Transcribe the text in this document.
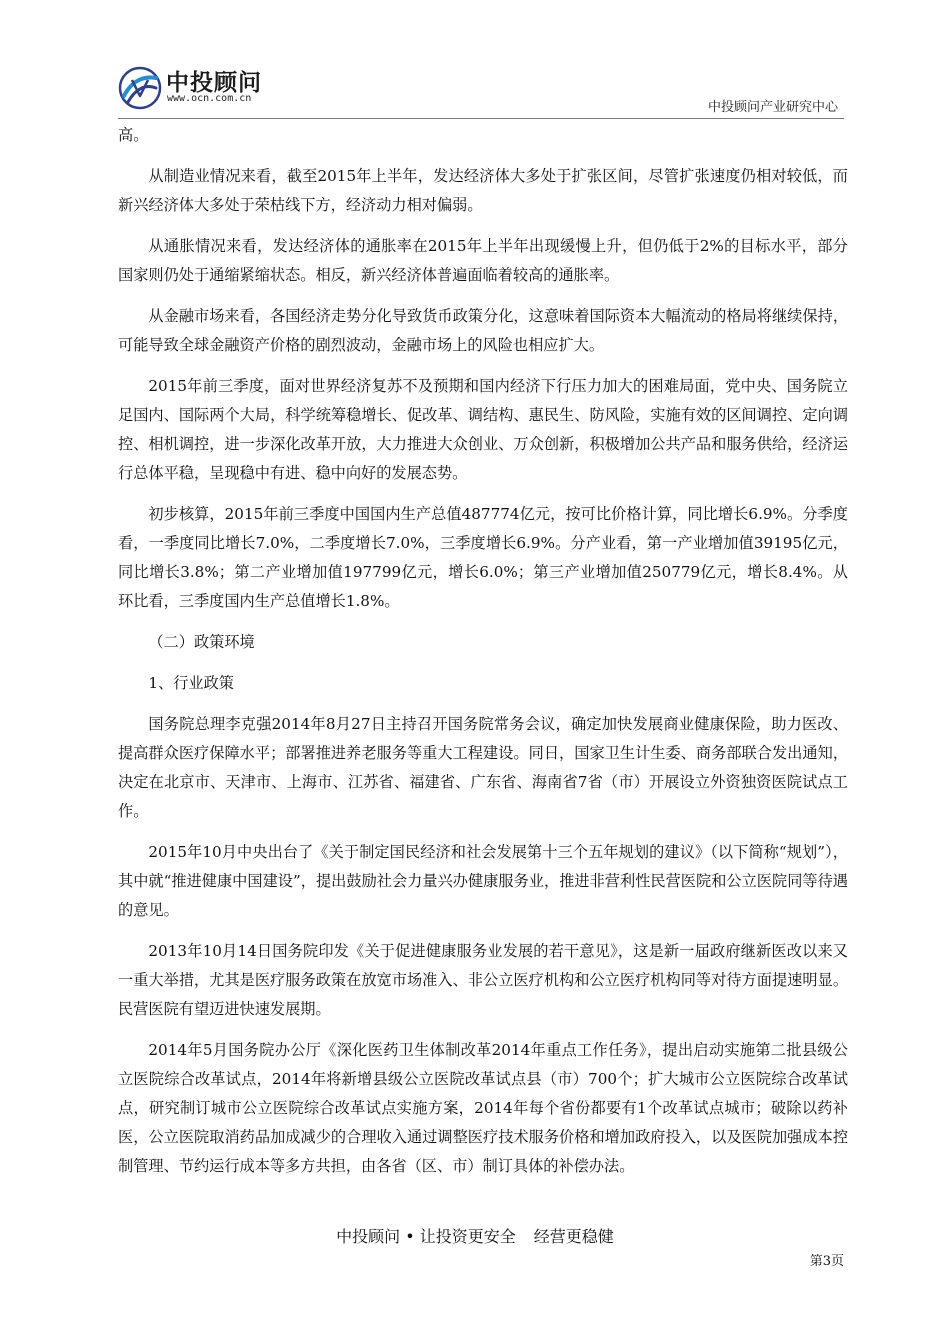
中投顾问
www.ocn.com.cn
中投顾问产业研究中心

高。

从制造业情况来看，截至2015年上半年，发达经济体大多处于扩张区间，尽管扩张速度仍相对较低，而新兴经济体大多处于荣枯线下方，经济动力相对偏弱。

从通胀情况来看，发达经济体的通胀率在2015年上半年出现缓慢上升，但仍低于2%的目标水平，部分国家则仍处于通缩紧缩状态。相反，新兴经济体普遍面临着较高的通胀率。

从金融市场来看，各国经济走势分化导致货币政策分化，这意味着国际资本大幅流动的格局将继续保持，可能导致全球金融资产价格的剧烈波动，金融市场上的风险也相应扩大。

2015年前三季度，面对世界经济复苏不及预期和国内经济下行压力加大的困难局面，党中央、国务院立足国内、国际两个大局，科学统筹稳增长、促改革、调结构、惠民生、防风险，实施有效的区间调控、定向调控、相机调控，进一步深化改革开放，大力推进大众创业、万众创新，积极增加公共产品和服务供给，经济运行总体平稳，呈现稳中有进、稳中向好的发展态势。

初步核算，2015年前三季度中国国内生产总值487774亿元，按可比价格计算，同比增长6.9%。分季度看，一季度同比增长7.0%，二季度增长7.0%，三季度增长6.9%。分产业看，第一产业增加值39195亿元，同比增长3.8%；第二产业增加值197799亿元，增长6.0%；第三产业增加值250779亿元，增长8.4%。从环比看，三季度国内生产总值增长1.8%。

（二）政策环境

1、行业政策

国务院总理李克强2014年8月27日主持召开国务院常务会议，确定加快发展商业健康保险，助力医改、提高群众医疗保障水平；部署推进养老服务等重大工程建设。同日，国家卫生计生委、商务部联合发出通知，决定在北京市、天津市、上海市、江苏省、福建省、广东省、海南省7省（市）开展设立外资独资医院试点工作。

2015年10月中央出台了《关于制定国民经济和社会发展第十三个五年规划的建议》（以下简称“规划”），其中就“推进健康中国建设”，提出鼓励社会力量兴办健康服务业，推进非营利性民营医院和公立医院同等待遇的意见。

2013年10月14日国务院印发《关于促进健康服务业发展的若干意见》，这是新一届政府继新医改以来又一重大举措，尤其是医疗服务政策在放宽市场准入、非公立医疗机构和公立医疗机构同等对待方面提速明显。民营医院有望迈进快速发展期。

2014年5月国务院办公厅《深化医药卫生体制改革2014年重点工作任务》，提出启动实施第二批县级公立医院综合改革试点，2014年将新增县级公立医院改革试点县（市）700个；扩大城市公立医院综合改革试点，研究制订城市公立医院综合改革试点实施方案，2014年每个省份都要有1个改革试点城市；破除以药补医，公立医院取消药品加成减少的合理收入通过调整医疗技术服务价格和增加政府投入，以及医院加强成本控制管理、节约运行成本等多方共担，由各省（区、市）制订具体的补偿办法。

中投顾问 • 让投资更安全 经营更稳健
第3页
